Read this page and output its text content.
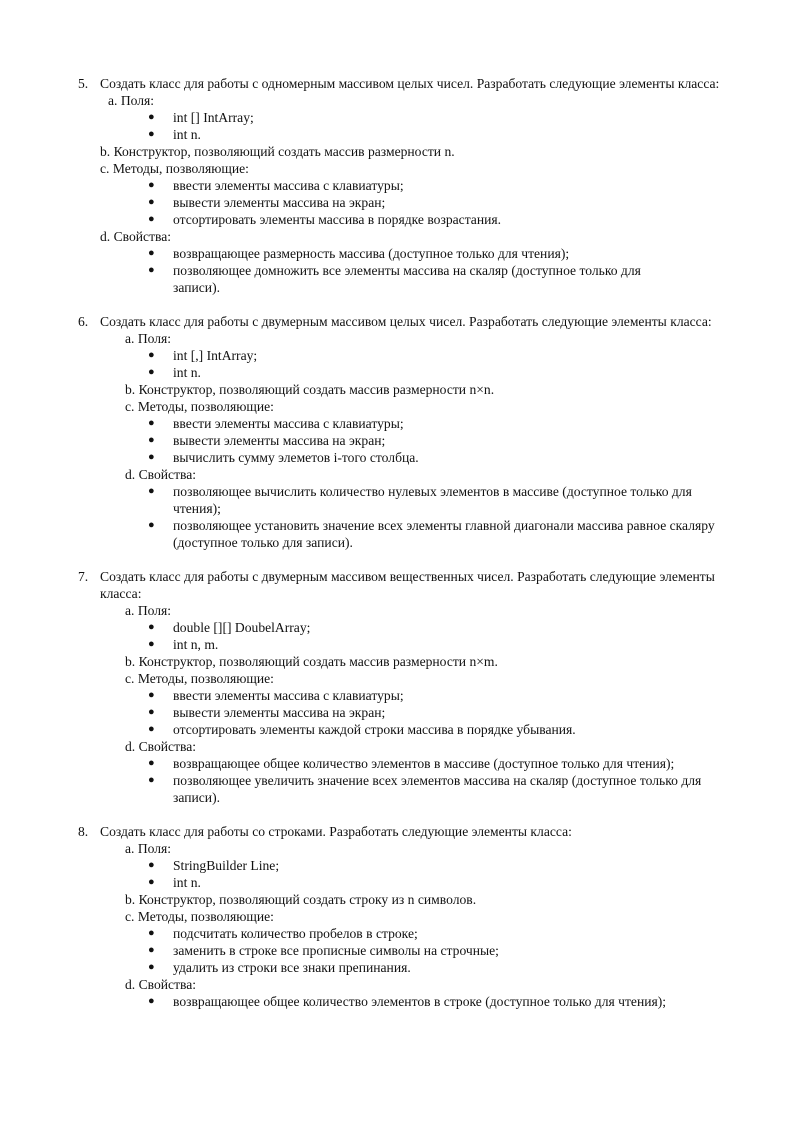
5. Создать класс для работы с одномерным массивом целых чисел. Разработать следующие элементы класса:
a. Поля:
● int [] IntArray;
● int n.
b. Конструктор, позволяющий создать массив размерности n.
c. Методы, позволяющие:
● ввести элементы массива с клавиатуры;
● вывести элементы массива на экран;
● отсортировать элементы массива в порядке возрастания.
d. Свойства:
● возвращающее размерность массива (доступное только для чтения);
● позволяющее домножить все элементы массива на скаляр (доступное только для записи).
6. Создать класс для работы с двумерным массивом целых чисел. Разработать следующие элементы класса:
a. Поля:
● int [,] IntArray;
● int n.
b. Конструктор, позволяющий создать массив размерности n×n.
c. Методы, позволяющие:
● ввести элементы массива с клавиатуры;
● вывести элементы массива на экран;
● вычислить сумму элеметов i-того столбца.
d. Свойства:
● позволяющее вычислить количество нулевых элементов в массиве (доступное только для чтения);
● позволяющее установить значение всех элементы главной диагонали массива равное скаляру (доступное только для записи).
7. Создать класс для работы с двумерным массивом вещественных чисел. Разработать следующие элементы класса:
a. Поля:
● double [][] DoubelArray;
● int n, m.
b. Конструктор, позволяющий создать массив размерности n×m.
c. Методы, позволяющие:
● ввести элементы массива с клавиатуры;
● вывести элементы массива на экран;
● отсортировать элементы каждой строки массива в порядке убывания.
d. Свойства:
● возвращающее общее количество элементов в массиве (доступное только для чтения);
● позволяющее увеличить значение всех элементов массива на скаляр (доступное только для записи).
8. Создать класс для работы со строками. Разработать следующие элементы класса:
a. Поля:
● StringBuilder Line;
● int n.
b. Конструктор, позволяющий создать строку из n символов.
c. Методы, позволяющие:
● подсчитать количество пробелов в строке;
● заменить в строке все прописные символы на строчные;
● удалить из строки все знаки препинания.
d. Свойства:
● возвращающее общее количество элементов в строке (доступное только для чтения);
